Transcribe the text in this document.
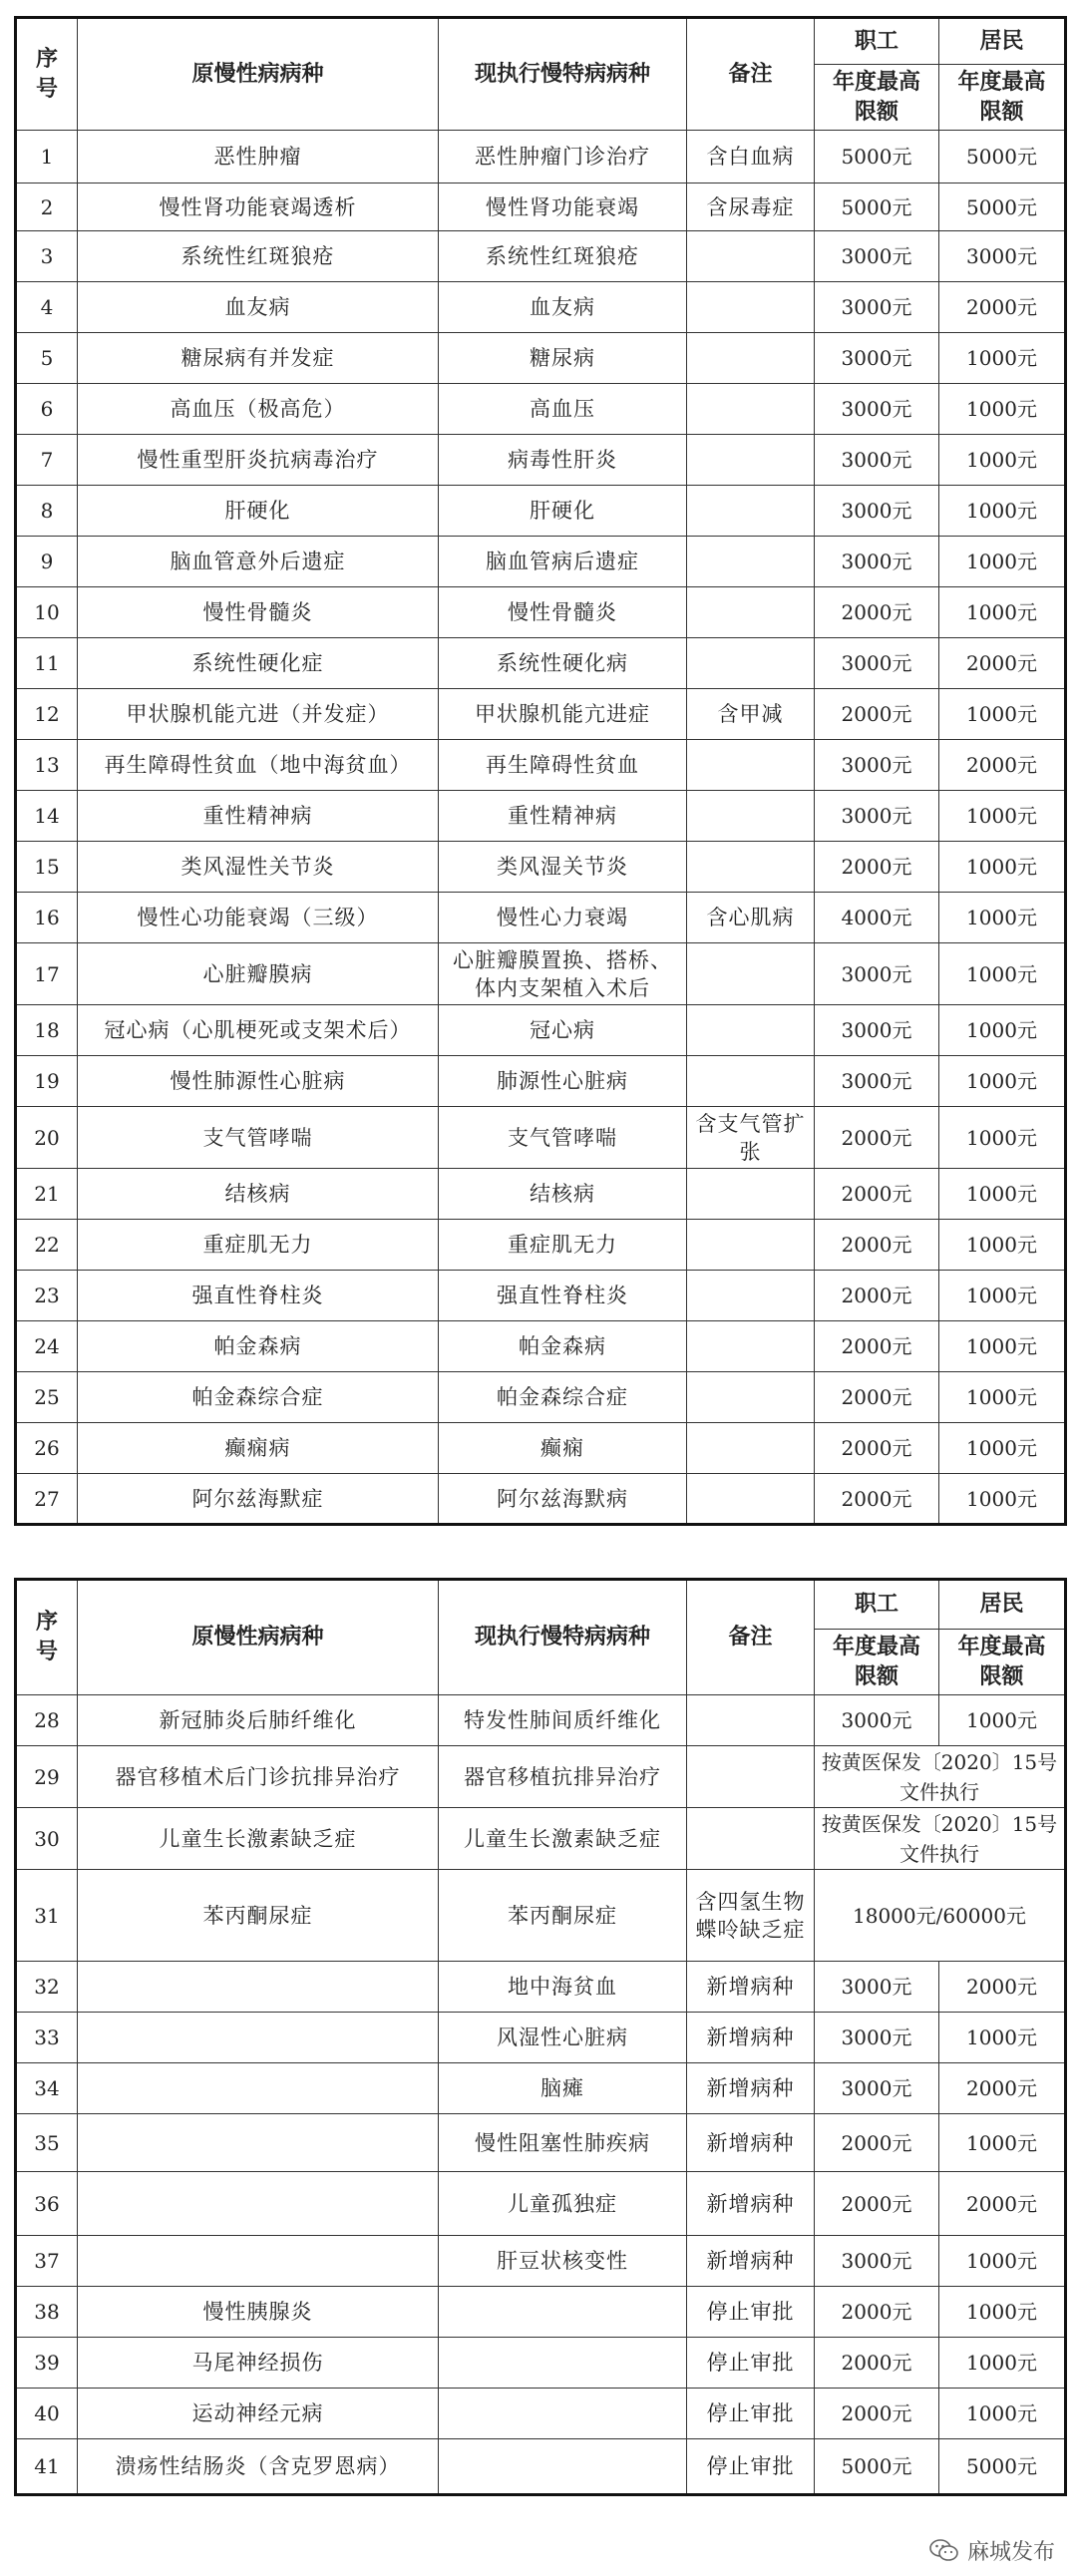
序号	原慢性病病种	现执行慢特病病种	备注	职工	居民
				年度最高限额	年度最高限额
1	恶性肿瘤	恶性肿瘤门诊治疗	含白血病	5000元	5000元
2	慢性肾功能衰竭透析	慢性肾功能衰竭	含尿毒症	5000元	5000元
3	系统性红斑狼疮	系统性红斑狼疮		3000元	3000元
4	血友病	血友病		3000元	2000元
5	糖尿病有并发症	糖尿病		3000元	1000元
6	高血压（极高危）	高血压		3000元	1000元
7	慢性重型肝炎抗病毒治疗	病毒性肝炎		3000元	1000元
8	肝硬化	肝硬化		3000元	1000元
9	脑血管意外后遗症	脑血管病后遗症		3000元	1000元
10	慢性骨髓炎	慢性骨髓炎		2000元	1000元
11	系统性硬化症	系统性硬化病		3000元	2000元
12	甲状腺机能亢进（并发症）	甲状腺机能亢进症	含甲减	2000元	1000元
13	再生障碍性贫血（地中海贫血）	再生障碍性贫血		3000元	2000元
14	重性精神病	重性精神病		3000元	1000元
15	类风湿性关节炎	类风湿关节炎		2000元	1000元
16	慢性心功能衰竭（三级）	慢性心力衰竭	含心肌病	4000元	1000元
17	心脏瓣膜病	心脏瓣膜置换、搭桥、体内支架植入术后		3000元	1000元
18	冠心病（心肌梗死或支架术后）	冠心病		3000元	1000元
19	慢性肺源性心脏病	肺源性心脏病		3000元	1000元
20	支气管哮喘	支气管哮喘	含支气管扩张	2000元	1000元
21	结核病	结核病		2000元	1000元
22	重症肌无力	重症肌无力		2000元	1000元
23	强直性脊柱炎	强直性脊柱炎		2000元	1000元
24	帕金森病	帕金森病		2000元	1000元
25	帕金森综合症	帕金森综合症		2000元	1000元
26	癫痫病	癫痫		2000元	1000元
27	阿尔兹海默症	阿尔兹海默病		2000元	1000元
序号	原慢性病病种	现执行慢特病病种	备注	职工	居民
				年度最高限额	年度最高限额
28	新冠肺炎后肺纤维化	特发性肺间质纤维化		3000元	1000元
29	器官移植术后门诊抗排异治疗	器官移植抗排异治疗		按黄医保发〔2020〕15号文件执行	
30	儿童生长激素缺乏症	儿童生长激素缺乏症		按黄医保发〔2020〕15号文件执行	
31	苯丙酮尿症	苯丙酮尿症	含四氢生物蝶呤缺乏症	18000元/60000元	
32		地中海贫血	新增病种	3000元	2000元
33		风湿性心脏病	新增病种	3000元	1000元
34		脑瘫	新增病种	3000元	2000元
35		慢性阻塞性肺疾病	新增病种	2000元	1000元
36		儿童孤独症	新增病种	2000元	2000元
37		肝豆状核变性	新增病种	3000元	1000元
38	慢性胰腺炎		停止审批	2000元	1000元
39	马尾神经损伤		停止审批	2000元	1000元
40	运动神经元病		停止审批	2000元	1000元
41	溃疡性结肠炎（含克罗恩病）		停止审批	5000元	5000元
麻城发布
